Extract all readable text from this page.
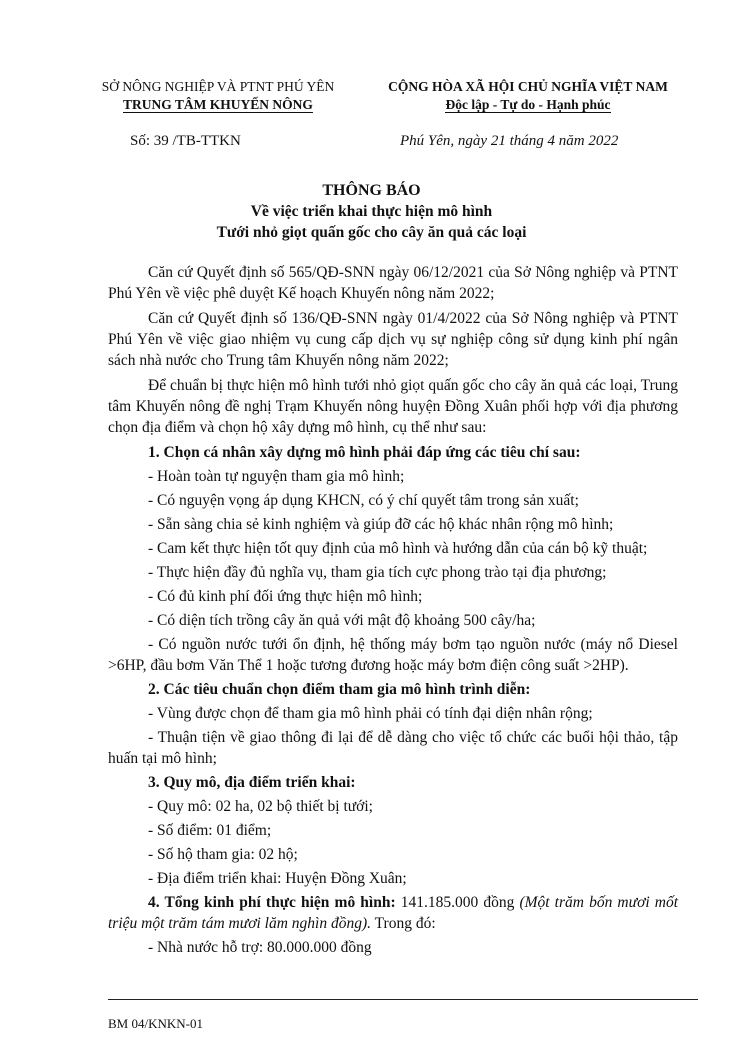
SỞ NÔNG NGHIỆP VÀ PTNT PHÚ YÊN
TRUNG TÂM KHUYẾN NÔNG
CỘNG HÒA XÃ HỘI CHỦ NGHĨA VIỆT NAM
Độc lập - Tự do - Hạnh phúc
Số: 39 /TB-TTKN	Phú Yên, ngày 21 tháng 4 năm 2022
THÔNG BÁO
Về việc triển khai thực hiện mô hình
Tưới nhỏ giọt quấn gốc cho cây ăn quả các loại

Căn cứ Quyết định số 565/QĐ-SNN ngày 06/12/2021 của Sở Nông nghiệp và PTNT Phú Yên về việc phê duyệt Kế hoạch Khuyến nông năm 2022;

Căn cứ Quyết định số 136/QĐ-SNN ngày 01/4/2022 của Sở Nông nghiệp và PTNT Phú Yên về việc giao nhiệm vụ cung cấp dịch vụ sự nghiệp công sử dụng kinh phí ngân sách nhà nước cho Trung tâm Khuyến nông năm 2022;

Để chuẩn bị thực hiện mô hình tưới nhỏ giọt quấn gốc cho cây ăn quả các loại, Trung tâm Khuyến nông đề nghị Trạm Khuyến nông huyện Đồng Xuân phối hợp với địa phương chọn địa điểm và chọn hộ xây dựng mô hình, cụ thể như sau:

1. Chọn cá nhân xây dựng mô hình phải đáp ứng các tiêu chí sau:

- Hoàn toàn tự nguyện tham gia mô hình;

- Có nguyện vọng áp dụng KHCN, có ý chí quyết tâm trong sản xuất;

- Sẵn sàng chia sẻ kinh nghiệm và giúp đỡ các hộ khác nhân rộng mô hình;

- Cam kết thực hiện tốt quy định của mô hình và hướng dẫn của cán bộ kỹ thuật;

- Thực hiện đầy đủ nghĩa vụ, tham gia tích cực phong trào tại địa phương;

- Có đủ kinh phí đối ứng thực hiện mô hình;

- Có diện tích trồng cây ăn quả với mật độ khoảng 500 cây/ha;

- Có nguồn nước tưới ổn định, hệ thống máy bơm tạo nguồn nước (máy nổ Diesel >6HP, đầu bơm Văn Thể 1 hoặc tương đương hoặc máy bơm điện công suất >2HP).

2. Các tiêu chuẩn chọn điểm tham gia mô hình trình diễn:

- Vùng được chọn để tham gia mô hình phải có tính đại diện nhân rộng;

- Thuận tiện về giao thông đi lại để dễ dàng cho việc tổ chức các buổi hội thảo, tập huấn tại mô hình;

3. Quy mô, địa điểm triển khai:

- Quy mô: 02 ha, 02 bộ thiết bị tưới;

- Số điểm: 01 điểm;

- Số hộ tham gia: 02 hộ;

- Địa điểm triển khai: Huyện Đồng Xuân;

4. Tổng kinh phí thực hiện mô hình: 141.185.000 đồng (Một trăm bốn mươi mốt triệu một trăm tám mươi lăm nghìn đồng). Trong đó:

- Nhà nước hỗ trợ: 80.000.000 đồng

BM 04/KNKN-01
